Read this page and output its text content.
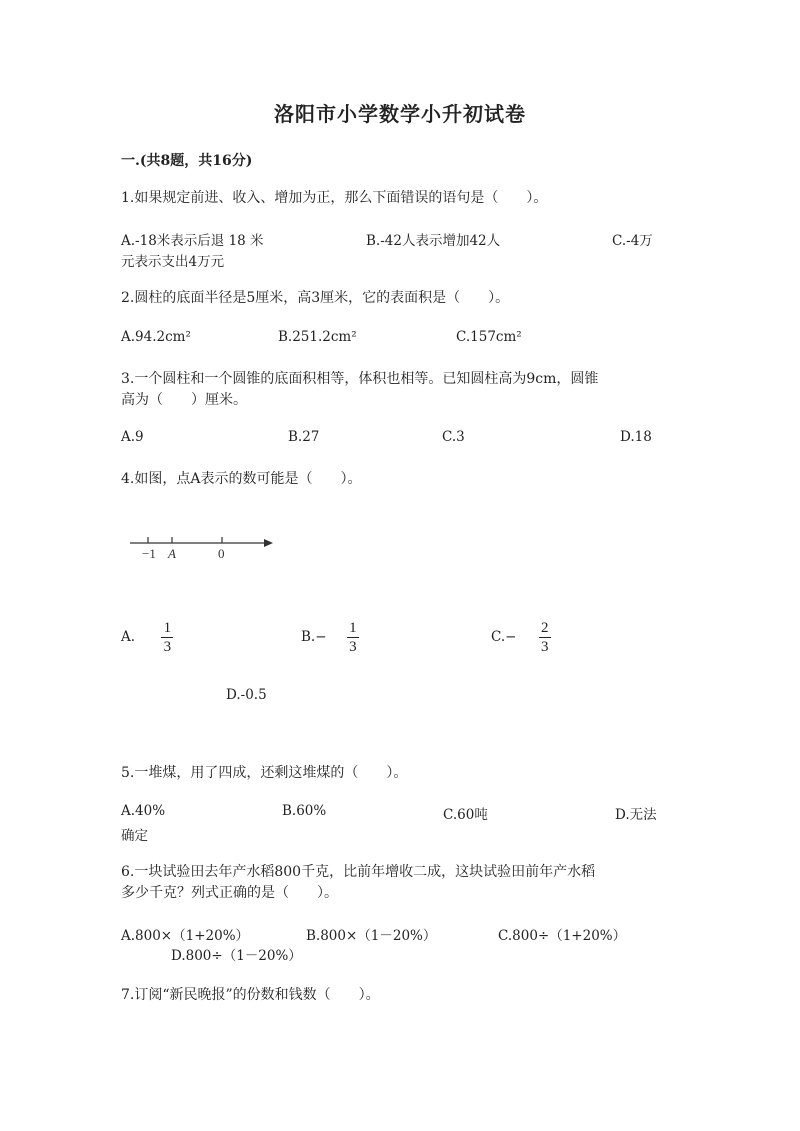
洛阳市小学数学小升初试卷
一.(共8题，共16分)
1.如果规定前进、收入、增加为正，那么下面错误的语句是（　　）。
A.-18米表示后退 18 米	B.-42人表示增加42人	C.-4万
元表示支出4万元
2.圆柱的底面半径是5厘米，高3厘米，它的表面积是（　　）。
A.94.2cm²	B.251.2cm²	C.157cm²
3.一个圆柱和一个圆锥的底面积相等，体积也相等。已知圆柱高为9cm，圆锥
高为（　　）厘米。
A.9	B.27	C.3	D.18
4.如图，点A表示的数可能是（　　）。
−1 A	0
A. $\frac{1}{3}$	$B.- \frac{1}{3}$	$C.- \frac{2}{3}$
D.-0.5
5.一堆煤，用了四成，还剩这堆煤的（　　）。
A.40%	B.60%	C.60吨	D.无法
确定
6.一块试验田去年产水稻800千克，比前年增收二成，这块试验田前年产水稻
多少千克？列式正确的是（　　）。
A.800×（1+20%）	B.800×（1－20%）	C.800÷（1+20%）
D.800÷（1－20%）
7.订阅“新民晚报”的份数和钱数（　　）。
